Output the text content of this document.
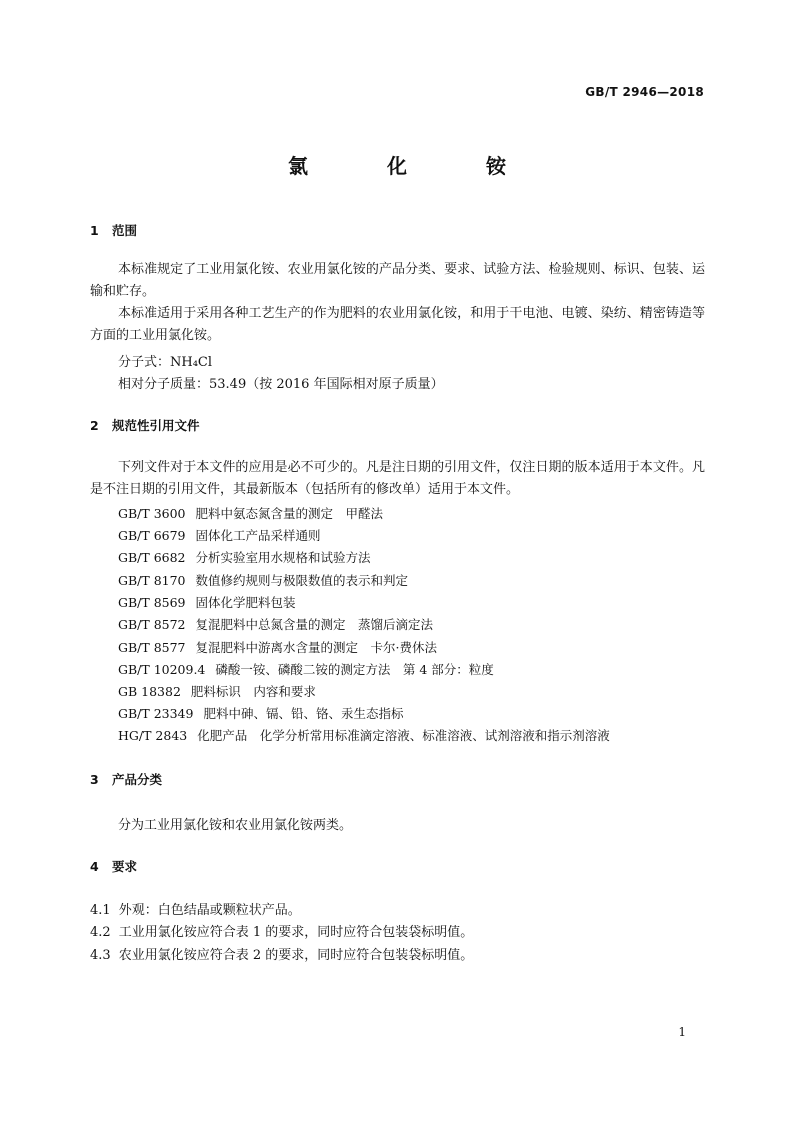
GB/T 2946—2018
氯 化 铵
1 范围
本标准规定了工业用氯化铵、农业用氯化铵的产品分类、要求、试验方法、检验规则、标识、包装、运输和贮存。
本标准适用于采用各种工艺生产的作为肥料的农业用氯化铵，和用于干电池、电镀、染纺、精密铸造等方面的工业用氯化铵。
分子式：NH₄Cl
相对分子质量：53.49（按 2016 年国际相对原子质量）
2 规范性引用文件
下列文件对于本文件的应用是必不可少的。凡是注日期的引用文件，仅注日期的版本适用于本文件。凡是不注日期的引用文件，其最新版本（包括所有的修改单）适用于本文件。
GB/T 3600 肥料中氨态氮含量的测定　甲醛法
GB/T 6679 固体化工产品采样通则
GB/T 6682 分析实验室用水规格和试验方法
GB/T 8170 数值修约规则与极限数值的表示和判定
GB/T 8569 固体化学肥料包装
GB/T 8572 复混肥料中总氮含量的测定　蒸馏后滴定法
GB/T 8577 复混肥料中游离水含量的测定　卡尔·费休法
GB/T 10209.4 磷酸一铵、磷酸二铵的测定方法　第 4 部分：粒度
GB 18382 肥料标识　内容和要求
GB/T 23349 肥料中砷、镉、铅、铬、汞生态指标
HG/T 2843 化肥产品　化学分析常用标准滴定溶液、标准溶液、试剂溶液和指示剂溶液
3 产品分类
分为工业用氯化铵和农业用氯化铵两类。
4 要求
4.1 外观：白色结晶或颗粒状产品。
4.2 工业用氯化铵应符合表 1 的要求，同时应符合包装袋标明值。
4.3 农业用氯化铵应符合表 2 的要求，同时应符合包装袋标明值。
1
